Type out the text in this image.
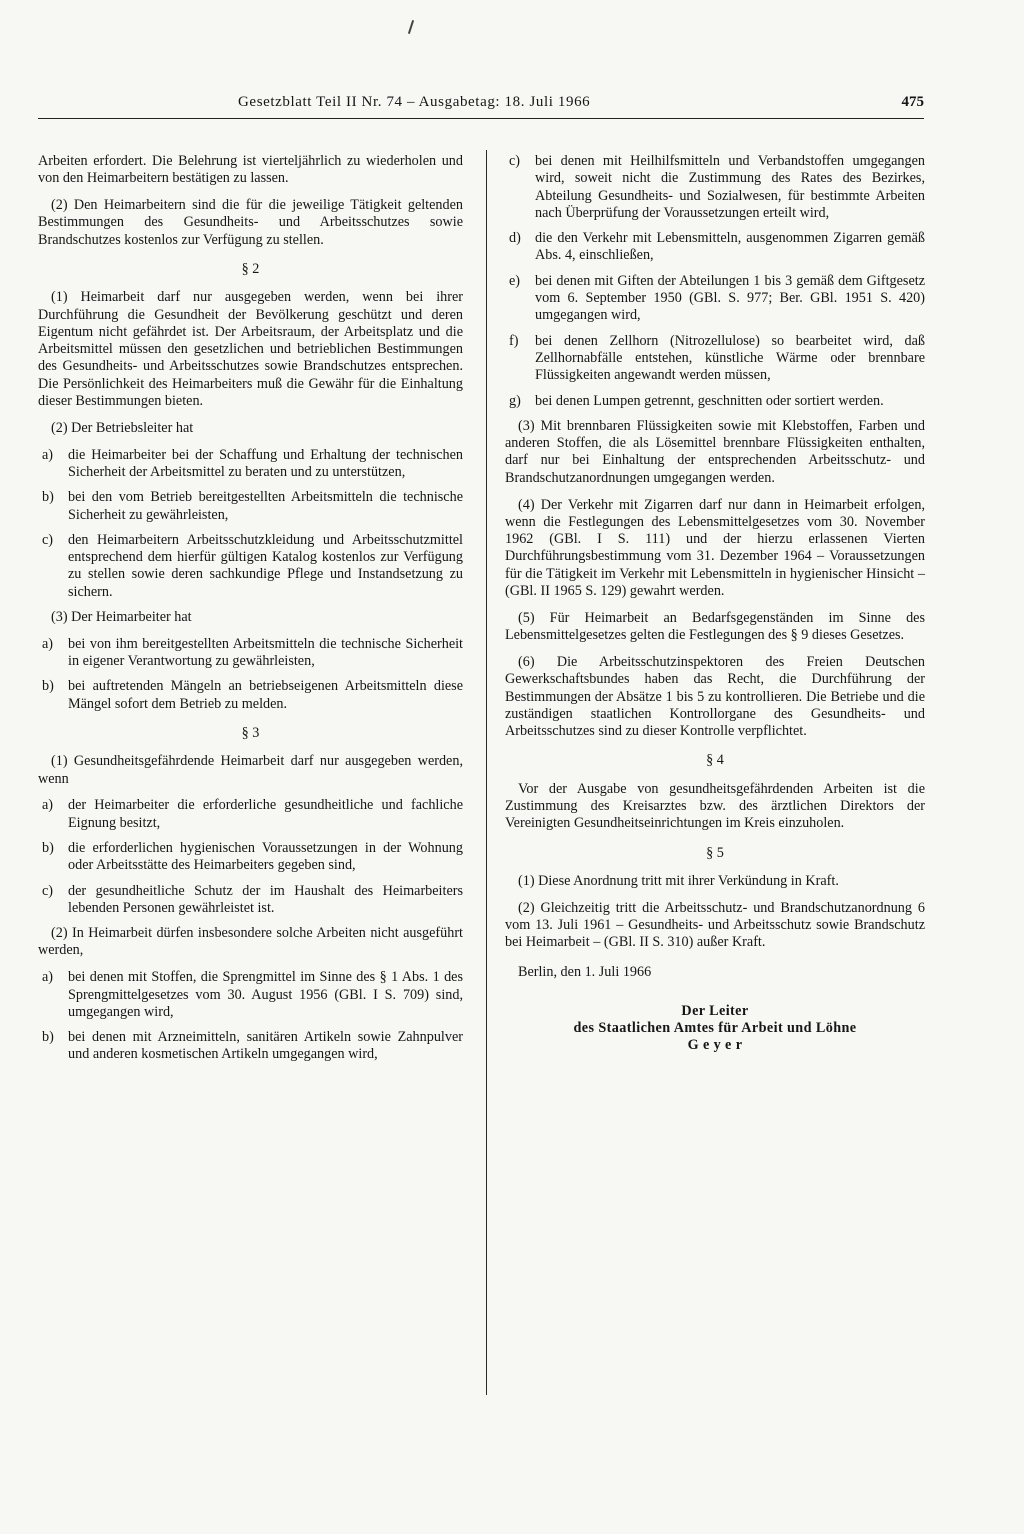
Gesetzblatt Teil II Nr. 74 – Ausgabetag: 18. Juli 1966	475

Arbeiten erfordert. Die Belehrung ist vierteljährlich zu wiederholen und von den Heimarbeitern bestätigen zu lassen.

(2) Den Heimarbeitern sind die für die jeweilige Tätigkeit geltenden Bestimmungen des Gesundheits- und Arbeitsschutzes sowie Brandschutzes kostenlos zur Verfügung zu stellen.

§ 2

(1) Heimarbeit darf nur ausgegeben werden, wenn bei ihrer Durchführung die Gesundheit der Bevölkerung geschützt und deren Eigentum nicht gefährdet ist. Der Arbeitsraum, der Arbeitsplatz und die Arbeitsmittel müssen den gesetzlichen und betrieblichen Bestimmungen des Gesundheits- und Arbeitsschutzes sowie Brandschutzes entsprechen. Die Persönlichkeit des Heimarbeiters muß die Gewähr für die Einhaltung dieser Bestimmungen bieten.

(2) Der Betriebsleiter hat

a)	die Heimarbeiter bei der Schaffung und Erhaltung der technischen Sicherheit der Arbeitsmittel zu beraten und zu unterstützen,
b) bei den vom Betrieb bereitgestellten Arbeitsmitteln die technische Sicherheit zu gewährleisten,
c)	den Heimarbeitern Arbeitsschutzkleidung und Arbeitsschutzmittel entsprechend dem hierfür gültigen Katalog kostenlos zur Verfügung zu stellen sowie deren sachkundige Pflege und Instandsetzung zu sichern.

(3) Der Heimarbeiter hat

a)	bei von ihm bereitgestellten Arbeitsmitteln die technische Sicherheit in eigener Verantwortung zu gewährleisten,
b) bei auftretenden Mängeln an betriebseigenen Arbeitsmitteln diese Mängel sofort dem Betrieb zu melden.
§ 3

(1) Gesundheitsgefährdende Heimarbeit darf nur ausgegeben werden, wenn

a)	der Heimarbeiter die erforderliche gesundheitliche und fachliche Eignung besitzt,
b) die erforderlichen hygienischen Voraussetzungen in der Wohnung oder Arbeitsstätte des Heimarbeiters gegeben sind,
c)	der gesundheitliche Schutz der im Haushalt des Heimarbeiters lebenden Personen gewährleistet ist.

(2) In Heimarbeit dürfen insbesondere solche Arbeiten nicht ausgeführt werden,

a)	bei denen mit Stoffen, die Sprengmittel im Sinne des § 1 Abs. 1 des Sprengmittelgesetzes vom 30. August 1956 (GBl. I S. 709) sind, umgegangen wird,
b) bei denen mit Arzneimitteln, sanitären Artikeln sowie Zahnpulver und anderen kosmetischen Artikeln umgegangen wird,
c)	bei denen mit Heilhilfsmitteln und Verbandstoffen umgegangen wird, soweit nicht die Zustimmung des Rates des Bezirkes, Abteilung Gesundheits- und Sozialwesen, für bestimmte Arbeiten nach Überprüfung der Voraussetzungen erteilt wird,
d) die den Verkehr mit Lebensmitteln, ausgenommen Zigarren gemäß Abs. 4, einschließen,
e)	bei denen mit Giften der Abteilungen 1 bis 3 gemäß dem Giftgesetz vom 6. September 1950 (GBl. S. 977; Ber. GBl. 1951 S. 420) umgegangen wird,
f)	bei denen Zellhorn (Nitrozellulose) so bearbeitet wird, daß Zellhornabfälle entstehen, künstliche Wärme oder brennbare Flüssigkeiten angewandt werden müssen,
g) bei denen Lumpen getrennt, geschnitten oder sortiert werden.

(3) Mit brennbaren Flüssigkeiten sowie mit Klebstoffen, Farben und anderen Stoffen, die als Lösemittel brennbare Flüssigkeiten enthalten, darf nur bei Einhaltung der entsprechenden Arbeitsschutz- und Brandschutzanordnungen umgegangen werden.

(4) Der Verkehr mit Zigarren darf nur dann in Heimarbeit erfolgen, wenn die Festlegungen des Lebensmittelgesetzes vom 30. November 1962 (GBl. I S. 111) und der hierzu erlassenen Vierten Durchführungsbestimmung vom 31. Dezember 1964 – Voraussetzungen für die Tätigkeit im Verkehr mit Lebensmitteln in hygienischer Hinsicht – (GBl. II 1965 S. 129) gewahrt werden.

(5) Für Heimarbeit an Bedarfsgegenständen im Sinne des Lebensmittelgesetzes gelten die Festlegungen des § 9 dieses Gesetzes.

(6) Die Arbeitsschutzinspektoren des Freien Deutschen Gewerkschaftsbundes haben das Recht, die Durchführung der Bestimmungen der Absätze 1 bis 5 zu kontrollieren. Die Betriebe und die zuständigen staatlichen Kontrollorgane des Gesundheits- und Arbeitsschutzes sind zu dieser Kontrolle verpflichtet.

§ 4

Vor der Ausgabe von gesundheitsgefährdenden Arbeiten ist die Zustimmung des Kreisarztes bzw. des ärztlichen Direktors der Vereinigten Gesundheitseinrichtungen im Kreis einzuholen.

§ 5

(1) Diese Anordnung tritt mit ihrer Verkündung in Kraft.

(2) Gleichzeitig tritt die Arbeitsschutz- und Brandschutzanordnung 6 vom 13. Juli 1961 – Gesundheits- und Arbeitsschutz sowie Brandschutz bei Heimarbeit – (GBl. II S. 310) außer Kraft.

Berlin, den 1. Juli 1966

Der Leiter

des Staatlichen Amtes für Arbeit und Löhne

G e y e r
